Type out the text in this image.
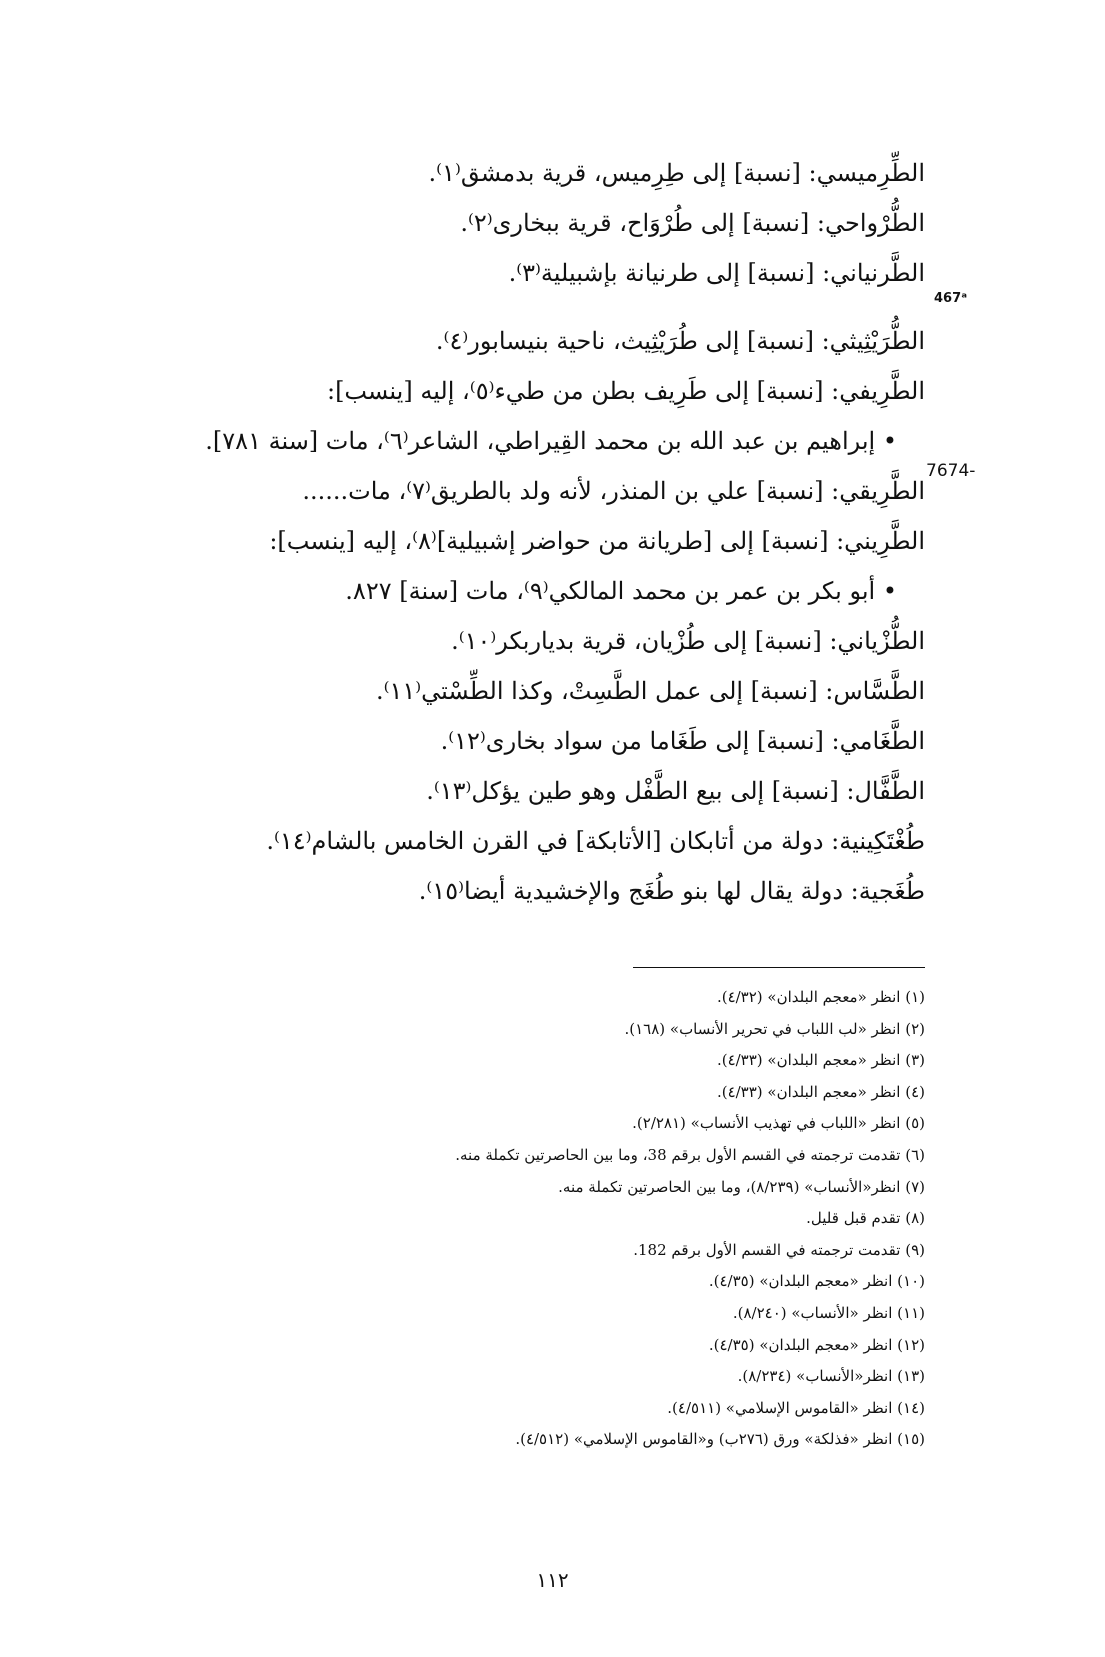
الطِّرِميسي: [نسبة] إلى طِرِميس، قرية بدمشق⁽١⁾.
الطُّرْواحي: [نسبة] إلى طُرْوَاح، قرية ببخارى⁽٢⁾.
الطَّرنياني: [نسبة] إلى طرنيانة بإشبيلية⁽٣⁾.
الطُّرَيْثِيثي: [نسبة] إلى طُرَيْثِيث، ناحية بنيسابور⁽٤⁾.
الطَّرِيفي: [نسبة] إلى طَرِيف بطن من طيء⁽٥⁾، إليه [ينسب]:
• إبراهيم بن عبد الله بن محمد القِيراطي، الشاعر⁽٦⁾، مات [سنة ٧٨١].
الطَّرِيقي: [نسبة] علي بن المنذر، لأنه ولد بالطريق⁽٧⁾، مات......
الطَّرِيني: [نسبة] إلى [طريانة من حواضر إشبيلية]⁽٨⁾، إليه [ينسب]:
• أبو بكر بن عمر بن محمد المالكي⁽٩⁾، مات [سنة] ٨٢٧.
الطُّزْياني: [نسبة] إلى طُزْيان، قرية بدياربكر⁽١٠⁾.
الطَّسَّاس: [نسبة] إلى عمل الطَّسِتْ، وكذا الطِّسْتي⁽١١⁾.
الطَّغَامي: [نسبة] إلى طَغَاما من سواد بخارى⁽١٢⁾.
الطَّفَّال: [نسبة] إلى بيع الطَّفْل وهو طين يؤكل⁽١٣⁾.
طُغْتَكِينية: دولة من أتابكان [الأتابكة] في القرن الخامس بالشام⁽١٤⁾.
طُغَجية: دولة يقال لها بنو طُغَج والإخشيدية أيضا⁽١٥⁾.
467ᵃ
7674-
(١) انظر «معجم البلدان» (٤/٣٢).
(٢) انظر «لب اللباب في تحرير الأنساب» (١٦٨).
(٣) انظر «معجم البلدان» (٤/٣٣).
(٤) انظر «معجم البلدان» (٤/٣٣).
(٥) انظر «اللباب في تهذيب الأنساب» (٢/٢٨١).
(٦) تقدمت ترجمته في القسم الأول برقم 38، وما بين الحاصرتين تكملة منه.
(٧) انظر«الأنساب» (٨/٢٣٩)، وما بين الحاصرتين تكملة منه.
(٨) تقدم قبل قليل.
(٩) تقدمت ترجمته في القسم الأول برقم 182.
(١٠) انظر «معجم البلدان» (٤/٣٥).
(١١) انظر «الأنساب» (٨/٢٤٠).
(١٢) انظر «معجم البلدان» (٤/٣٥).
(١٣) انظر«الأنساب» (٨/٢٣٤).
(١٤) انظر «القاموس الإسلامي» (٤/٥١١).
(١٥) انظر «فذلكة» ورق (٢٧٦ب) و«القاموس الإسلامي» (٤/٥١٢).
١١٢
